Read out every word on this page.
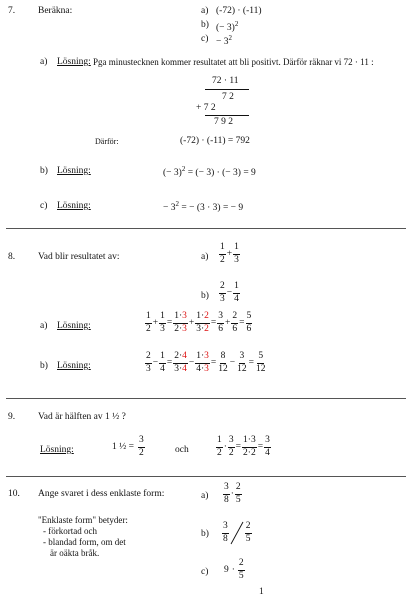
7. Beräkna:	a) (-72) · (-11)
b) (− 3)$^2$
$c) - 3^2$
a) Lösning: Pga minustecknen kommer resultatet att bli positivt. Därför räknar vi 72 · 11 :
72 · 11
7 2
+ 7 2
7 9 2
Därför:	(-72) · (-11) = 792
b) Lösning:	(− 3)$^2$ = (− 3) · (− 3) = 9
c) Lösning:	− $3^2$ = − (3 · 3) = − 9
8. Vad blir resultatet av:	$a) \frac{1}{2} + \frac{1}{3}$
$b) \frac{2}{3} - \frac{1}{4}$
a) Lösning:	$\frac{1}{2} + \frac{1}{3} = \frac{1\cdot 3}{2\cdot 3} + \frac{1\cdot 2}{3\cdot 2} = \frac{3}{6} + \frac{2}{6} = \frac{5}{6}$
b) Lösning:	$\frac{2}{3} - \frac{1}{4} = \frac{2\cdot 4}{3\cdot 4} - \frac{1\cdot 3}{4\cdot 3} = \frac{8}{12} - \frac{3}{12} = \frac{5}{12}$
9. Vad är hälften av 1 ½ ?
Lösning:	1 ½ = $\frac{3}{2}$	och	$\frac{1}{2} \cdot \frac{3}{2} = \frac{1\cdot 3}{2\cdot 2} = \frac{3}{4}$
10. Ange svaret i dess enklaste form:
"Enklaste form" betyder:
- förkortad och
- blandad form, om det
är oäkta bråk.
$a) \frac{3}{8} \cdot \frac{2}{5}$
$b) \frac{3}{8} \frac{2}{5}$
c) $9 \cdot \frac{2}{5}$
1
